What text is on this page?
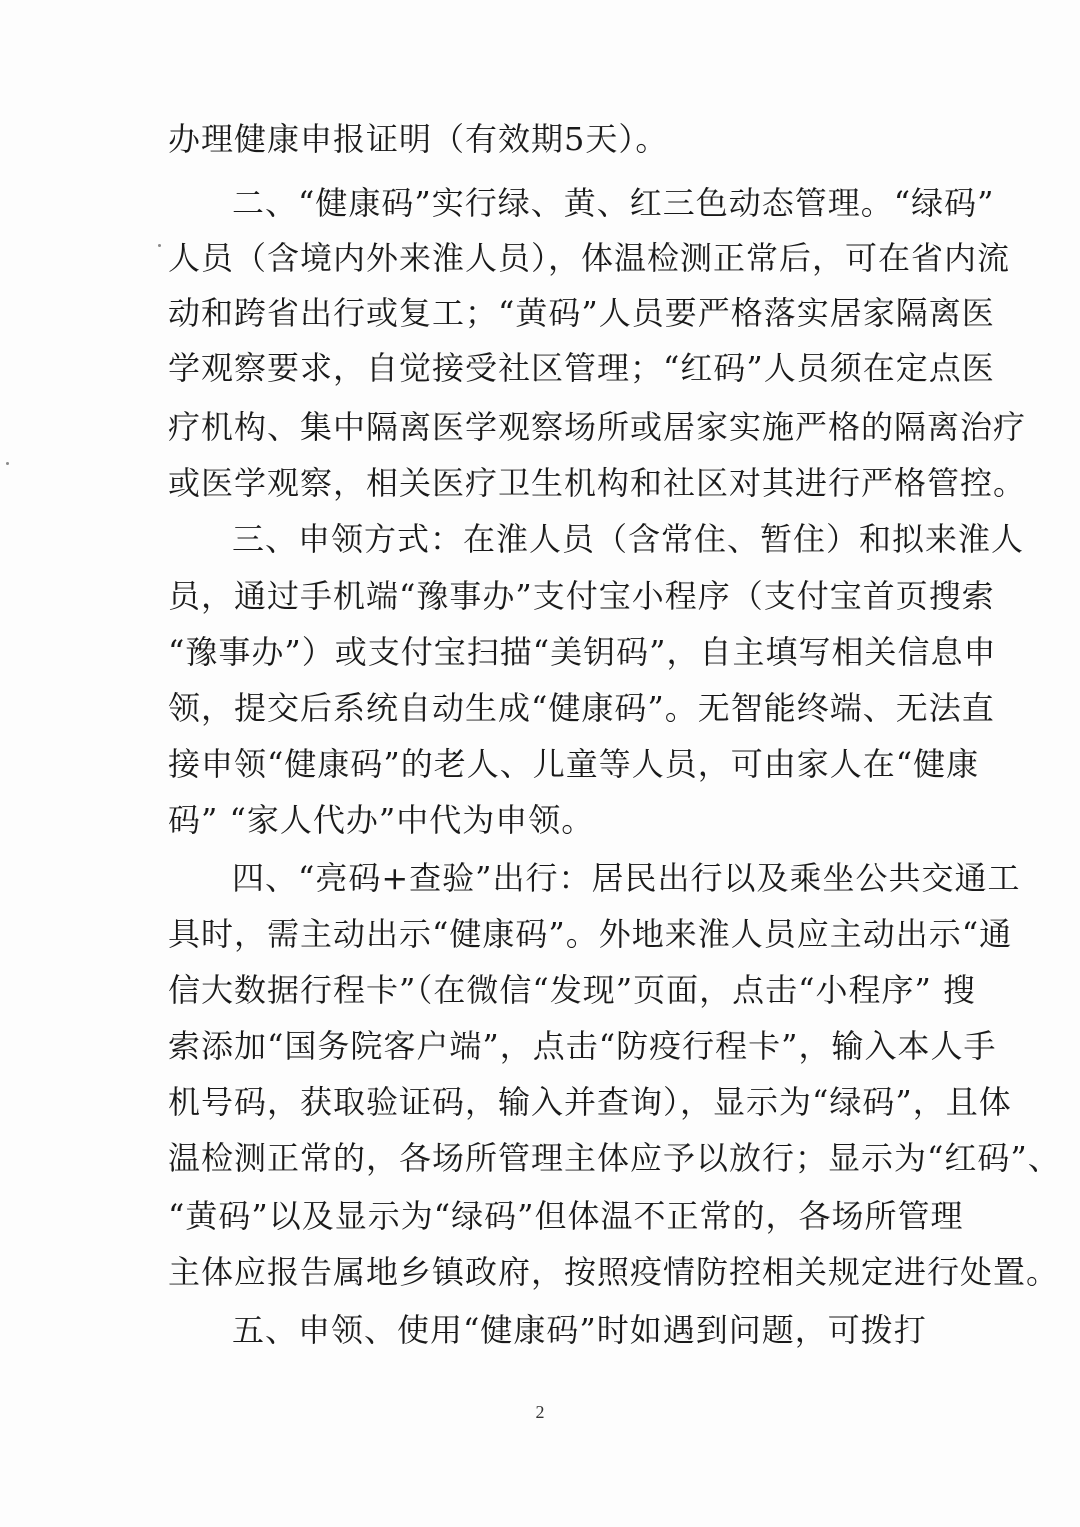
办理健康申报证明（有效期5天）。
二、“健康码”实行绿、黄、红三色动态管理。“绿码”
人员（含境内外来淮人员），体温检测正常后，可在省内流
动和跨省出行或复工；“黄码”人员要严格落实居家隔离医
学观察要求，自觉接受社区管理；“红码”人员须在定点医
疗机构、集中隔离医学观察场所或居家实施严格的隔离治疗
或医学观察，相关医疗卫生机构和社区对其进行严格管控。
三、申领方式：在淮人员（含常住、暂住）和拟来淮人
员，通过手机端“豫事办”支付宝小程序（支付宝首页搜索
“豫事办”）或支付宝扫描“美钥码”，自主填写相关信息申
领，提交后系统自动生成“健康码”。无智能终端、无法直
接申领“健康码”的老人、儿童等人员，可由家人在“健康
码” “家人代办”中代为申领。
四、“亮码+查验”出行：居民出行以及乘坐公共交通工
具时，需主动出示“健康码”。外地来淮人员应主动出示“通
信大数据行程卡”（在微信“发现”页面，点击“小程序” 搜
索添加“国务院客户端”，点击“防疫行程卡”，输入本人手
机号码，获取验证码，输入并查询），显示为“绿码”，且体
温检测正常的，各场所管理主体应予以放行；显示为“红码”、
“黄码”以及显示为“绿码”但体温不正常的，各场所管理
主体应报告属地乡镇政府，按照疫情防控相关规定进行处置。
五、申领、使用“健康码”时如遇到问题，可拨打
2
